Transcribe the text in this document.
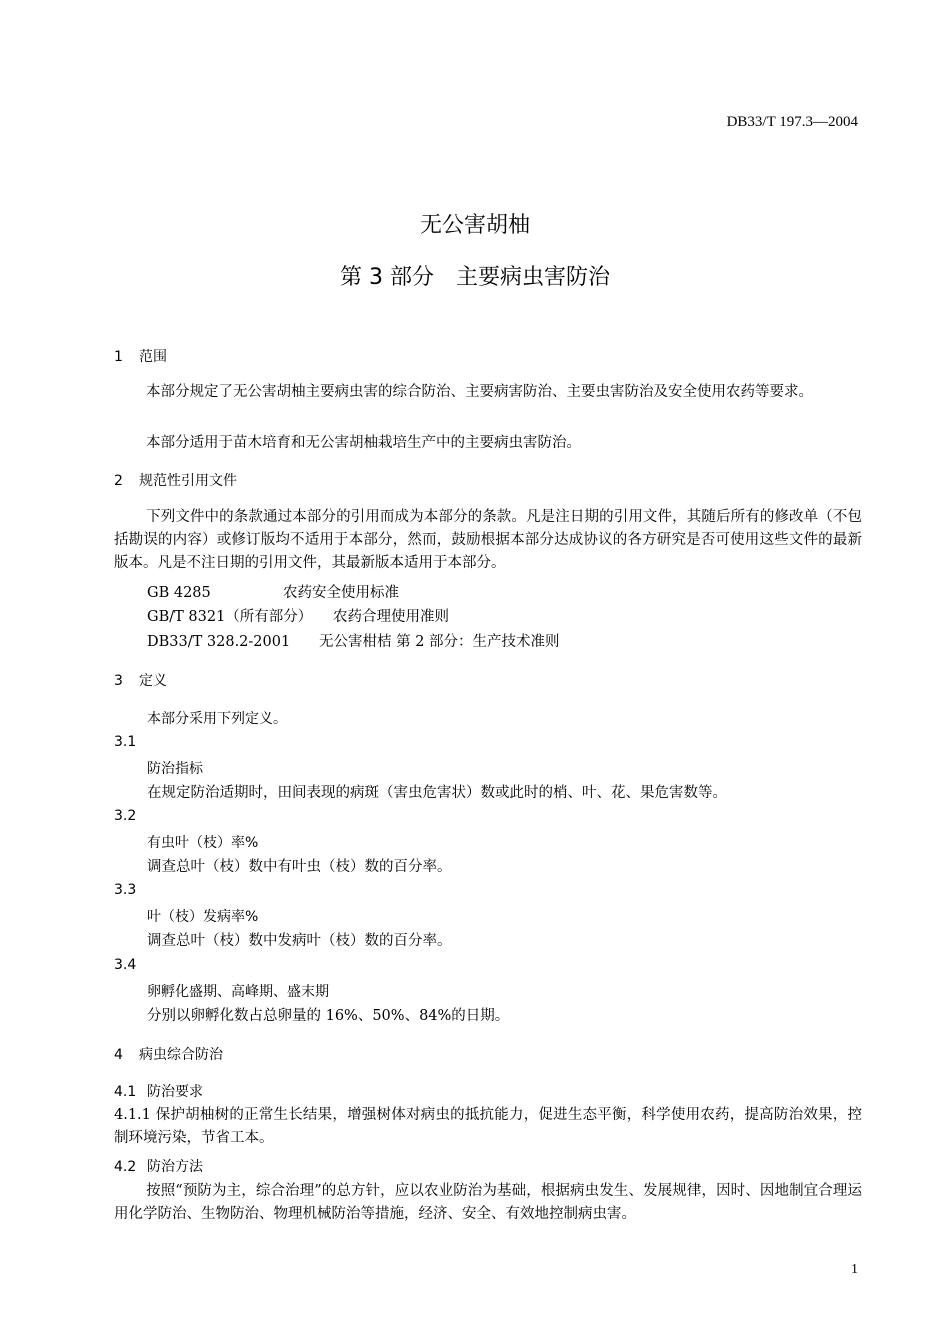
DB33/T 197.3—2004
无公害胡柚
第 3 部分　主要病虫害防治
1 范围
本部分规定了无公害胡柚主要病虫害的综合防治、主要病害防治、主要虫害防治及安全使用农药等要求。
本部分适用于苗木培育和无公害胡柚栽培生产中的主要病虫害防治。
2 规范性引用文件
下列文件中的条款通过本部分的引用而成为本部分的条款。凡是注日期的引用文件，其随后所有的修改单（不包括勘误的内容）或修订版均不适用于本部分，然而，鼓励根据本部分达成协议的各方研究是否可使用这些文件的最新版本。凡是不注日期的引用文件，其最新版本适用于本部分。
GB 4285	农药安全使用标准
GB/T 8321（所有部分） 农药合理使用准则
DB33/T 328.2-2001 无公害柑桔 第 2 部分：生产技术准则
3 定义
本部分采用下列定义。
3.1
防治指标
在规定防治适期时，田间表现的病斑（害虫危害状）数或此时的梢、叶、花、果危害数等。
3.2
有虫叶（枝）率%
调查总叶（枝）数中有叶虫（枝）数的百分率。
3.3
叶（枝）发病率%
调查总叶（枝）数中发病叶（枝）数的百分率。
3.4
卵孵化盛期、高峰期、盛末期
分别以卵孵化数占总卵量的 16%、50%、84%的日期。
4 病虫综合防治
4.1 防治要求
4.1.1 保护胡柚树的正常生长结果，增强树体对病虫的抵抗能力，促进生态平衡，科学使用农药，提高防治效果，控制环境污染，节省工本。
4.2 防治方法
按照“预防为主，综合治理”的总方针，应以农业防治为基础，根据病虫发生、发展规律，因时、因地制宜合理运用化学防治、生物防治、物理机械防治等措施，经济、安全、有效地控制病虫害。
1
